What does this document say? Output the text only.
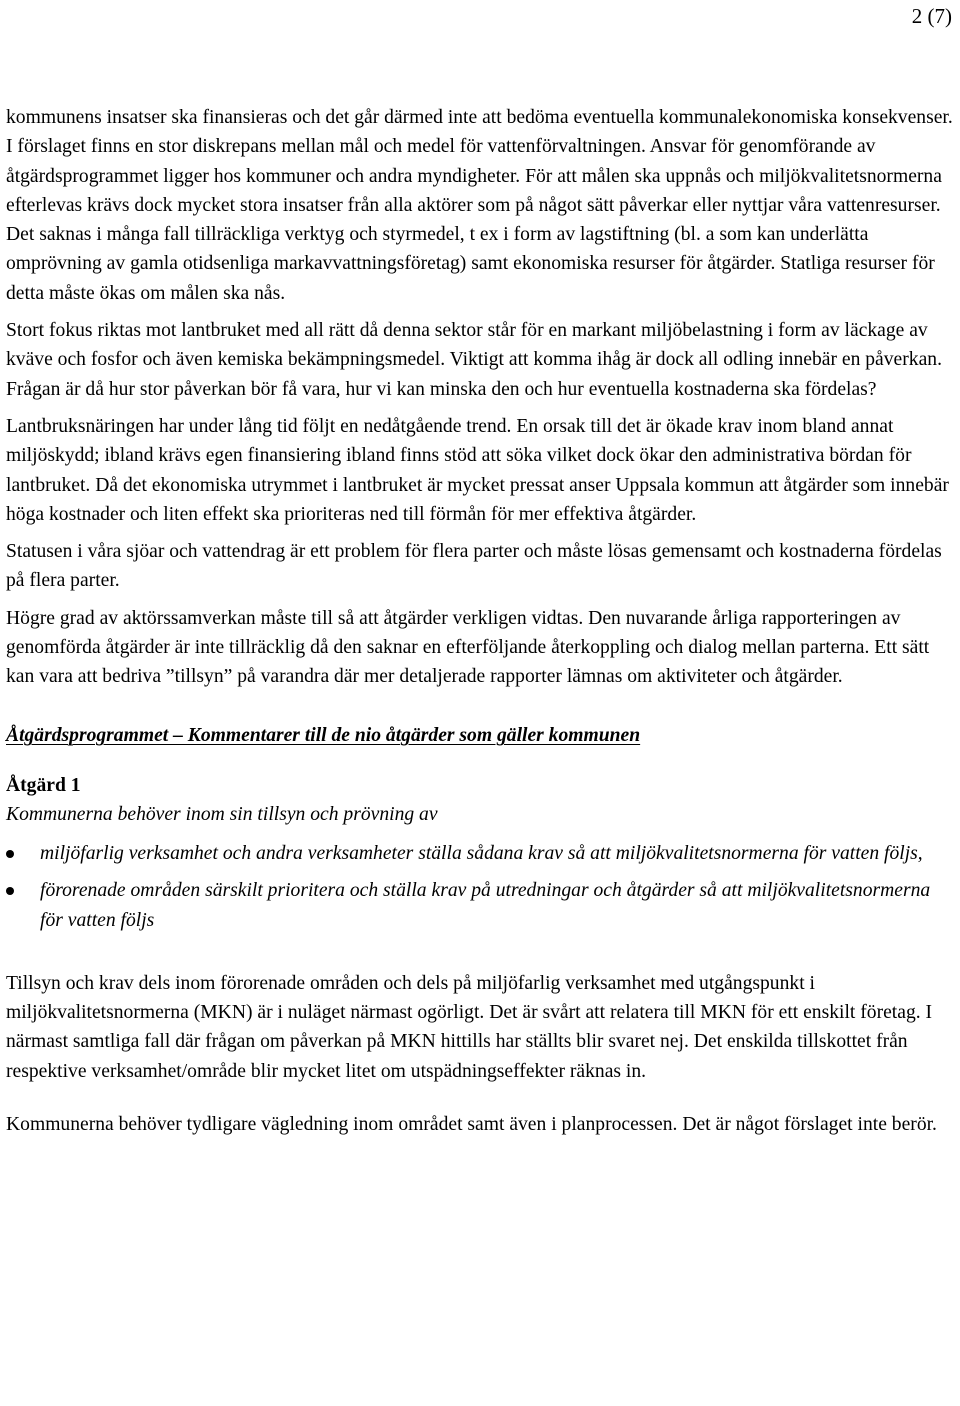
2 (7)

kommunens insatser ska finansieras och det går därmed inte att bedöma eventuella kommunalekonomiska konsekvenser.

I förslaget finns en stor diskrepans mellan mål och medel för vattenförvaltningen. Ansvar för genomförande av åtgärdsprogrammet ligger hos kommuner och andra myndigheter. För att målen ska uppnås och miljökvalitetsnormerna efterlevas krävs dock mycket stora insatser från alla aktörer som på något sätt påverkar eller nyttjar våra vattenresurser. Det saknas i många fall tillräckliga verktyg och styrmedel, t ex i form av lagstiftning (bl. a som kan underlätta omprövning av gamla otidsenliga markavvattningsföretag) samt ekonomiska resurser för åtgärder. Statliga resurser för detta måste ökas om målen ska nås.

Stort fokus riktas mot lantbruket med all rätt då denna sektor står för en markant miljöbelastning i form av läckage av kväve och fosfor och även kemiska bekämpningsmedel. Viktigt att komma ihåg är dock all odling innebär en påverkan. Frågan är då hur stor påverkan bör få vara, hur vi kan minska den och hur eventuella kostnaderna ska fördelas?

Lantbruksnäringen har under lång tid följt en nedåtgående trend. En orsak till det är ökade krav inom bland annat miljöskydd; ibland krävs egen finansiering ibland finns stöd att söka vilket dock ökar den administrativa bördan för lantbruket. Då det ekonomiska utrymmet i lantbruket är mycket pressat anser Uppsala kommun att åtgärder som innebär höga kostnader och liten effekt ska prioriteras ned till förmån för mer effektiva åtgärder.

Statusen i våra sjöar och vattendrag är ett problem för flera parter och måste lösas gemensamt och kostnaderna fördelas på flera parter.

Högre grad av aktörssamverkan måste till så att åtgärder verkligen vidtas. Den nuvarande årliga rapporteringen av genomförda åtgärder är inte tillräcklig då den saknar en efterföljande återkoppling och dialog mellan parterna. Ett sätt kan vara att bedriva ”tillsyn” på varandra där mer detaljerade rapporter lämnas om aktiviteter och åtgärder.

Åtgärdsprogrammet – Kommentarer till de nio åtgärder som gäller kommunen
Åtgärd 1

Kommunerna behöver inom sin tillsyn och prövning av

miljöfarlig verksamhet och andra verksamheter ställa sådana krav så att miljökvalitetsnormerna för vatten följs,
förorenade områden särskilt prioritera och ställa krav på utredningar och åtgärder så att miljökvalitetsnormerna för vatten följs

Tillsyn och krav dels inom förorenade områden och dels på miljöfarlig verksamhet med utgångspunkt i miljökvalitetsnormerna (MKN) är i nuläget närmast ogörligt. Det är svårt att relatera till MKN för ett enskilt företag. I närmast samtliga fall där frågan om påverkan på MKN hittills har ställts blir svaret nej. Det enskilda tillskottet från respektive verksamhet/område blir mycket litet om utspädningseffekter räknas in.

Kommunerna behöver tydligare vägledning inom området samt även i planprocessen. Det är något förslaget inte berör.
